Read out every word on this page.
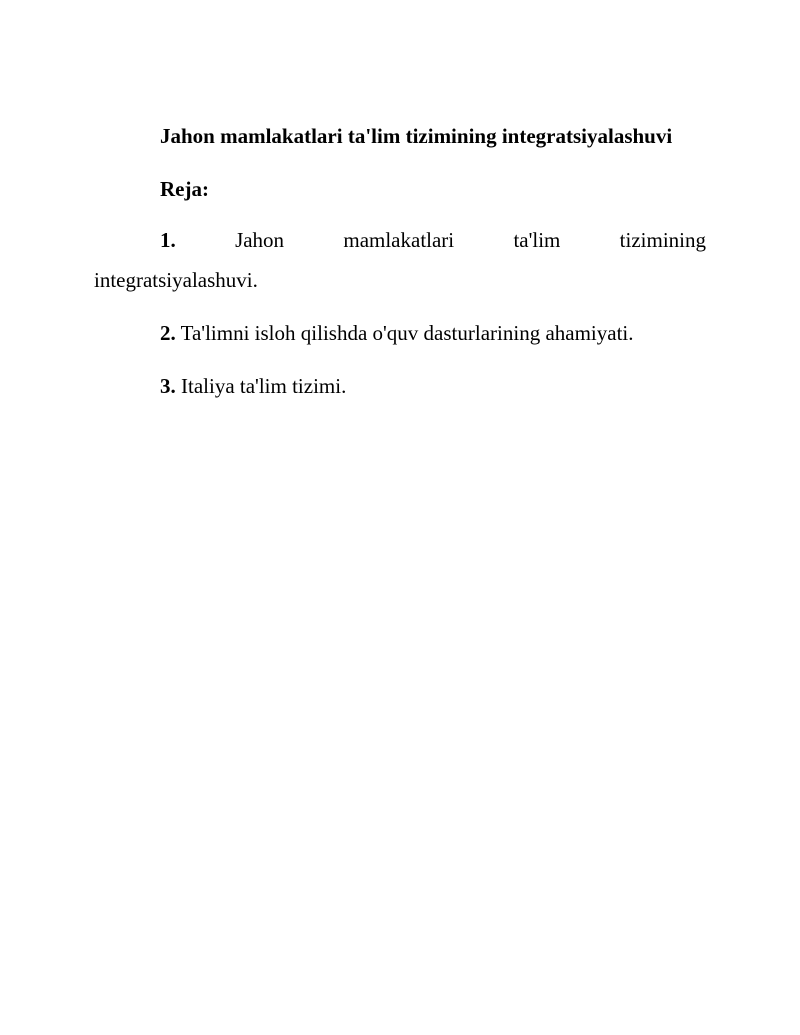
Jahon mamlakatlari ta'lim tizimining integratsiyalashuvi

Reja:

1.	Jahon mamlakatlari ta'lim tizimining
integratsiyalashuvi.

2. Ta'limni isloh qilishda o'quv dasturlarining ahamiyati.

3. Italiya ta'lim tizimi.
